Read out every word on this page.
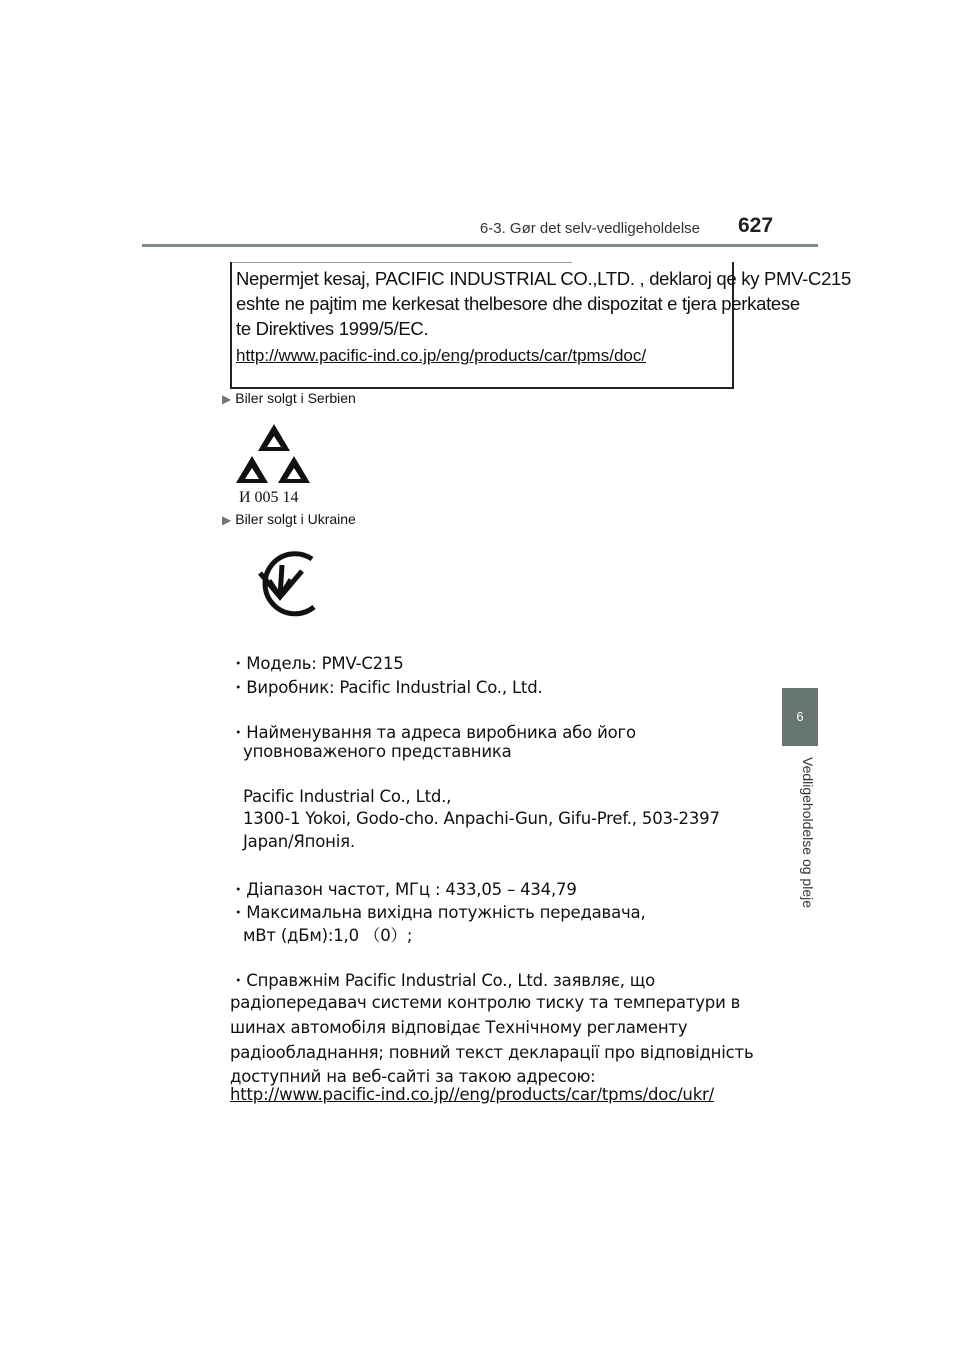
6-3. Gør det selv-vedligeholdelse 627
6
Vedligeholdelse og pleje
Nepermjet kesaj, PACIFIC INDUSTRIAL CO.,LTD. , deklaroj qe ky PMV-C215
eshte ne pajtim me kerkesat thelbesore dhe dispozitat e tjera perkatese
te Direktives 1999/5/EC.
http://www.pacific-ind.co.jp/eng/products/car/tpms/doc/
▶ Biler solgt i Serbien
И 005 14
▶ Biler solgt i Ukraine
・Модель: PMV-C215
・Виробник: Pacific Industrial Co., Ltd.
・Найменування та адреса виробника або його
уповноваженого представника
Pacific Industrial Co., Ltd.,
1300-1 Yokoi, Godo-cho. Anpachi-Gun, Gifu-Pref., 503-2397
Japan/Японія.
・Діапазон частот, МГц : 433,05 – 434,79
・Максимальна вихідна потужність передавача,
мВт (дБм):1,0 （0）;
・Справжнім Pacific Industrial Co., Ltd. заявляє, що
радіопередавач системи контролю тиску та температури в
шинах автомобіля відповідає Технічному регламенту
радіообладнання; повний текст декларації про відповідність
доступний на веб-сайті за такою адресою:
http://www.pacific-ind.co.jp//eng/products/car/tpms/doc/ukr/
